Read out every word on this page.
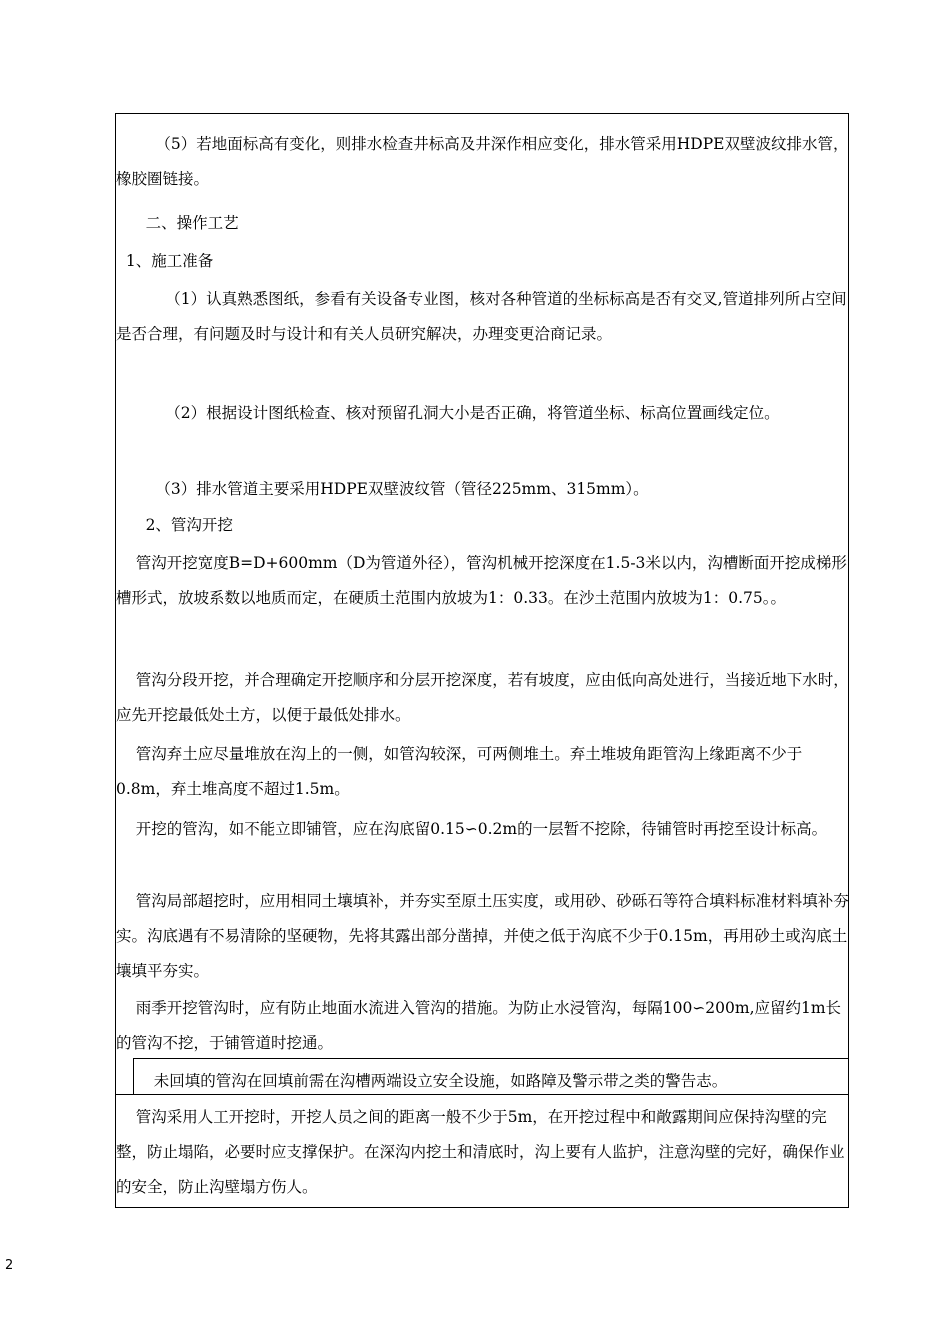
（5）若地面标高有变化，则排水检查井标高及井深作相应变化，排水管采用HDPE双壁波纹排水管，橡胶圈链接。

二、操作工艺

1、施工准备

（1）认真熟悉图纸，参看有关设备专业图，核对各种管道的坐标标高是否有交叉,管道排列所占空间是否合理，有问题及时与设计和有关人员研究解决，办理变更洽商记录。

（2）根据设计图纸检查、核对预留孔洞大小是否正确，将管道坐标、标高位置画线定位。

（3）排水管道主要采用HDPE双壁波纹管（管径225mm、315mm）。

2、管沟开挖

管沟开挖宽度B=D+600mm（D为管道外径），管沟机械开挖深度在1.5-3米以内，沟槽断面开挖成梯形槽形式，放坡系数以地质而定，在硬质土范围内放坡为1：0.33。在沙土范围内放坡为1：0.75。。

管沟分段开挖，并合理确定开挖顺序和分层开挖深度，若有坡度，应由低向高处进行，当接近地下水时，应先开挖最低处土方，以便于最低处排水。

管沟弃土应尽量堆放在沟上的一侧，如管沟较深，可两侧堆土。弃土堆坡角距管沟上缘距离不少于0.8m，弃土堆高度不超过1.5m。

开挖的管沟，如不能立即铺管，应在沟底留0.15∽0.2m的一层暂不挖除，待铺管时再挖至设计标高。

管沟局部超挖时，应用相同土壤填补，并夯实至原土压实度，或用砂、砂砾石等符合填料标准材料填补夯实。沟底遇有不易清除的坚硬物，先将其露出部分凿掉，并使之低于沟底不少于0.15m，再用砂土或沟底土壤填平夯实。

雨季开挖管沟时，应有防止地面水流进入管沟的措施。为防止水浸管沟，每隔100∽200m,应留约1m长的管沟不挖，于铺管道时挖通。

未回填的管沟在回填前需在沟槽两端设立安全设施，如路障及警示带之类的警告志。

管沟采用人工开挖时，开挖人员之间的距离一般不少于5m，在开挖过程中和敞露期间应保持沟壁的完整，防止塌陷，必要时应支撑保护。在深沟内挖土和清底时，沟上要有人监护，注意沟壁的完好，确保作业的安全，防止沟壁塌方伤人。

2
